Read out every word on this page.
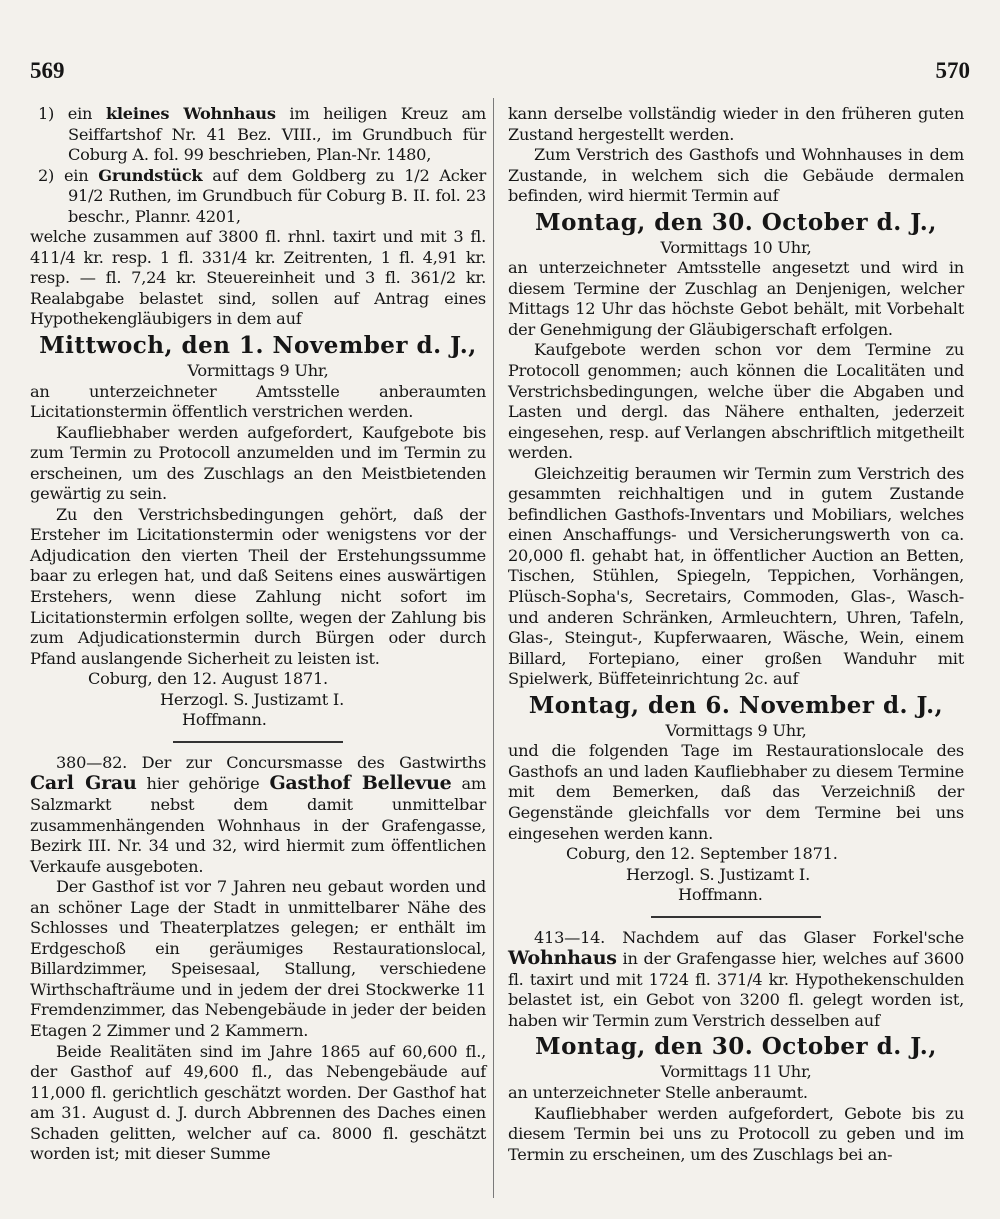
569	570

1) ein kleines Wohnhaus im heiligen Kreuz am Seiffartshof Nr. 41 Bez. VIII., im Grundbuch für Coburg A. fol. 99 beschrieben, Plan-Nr. 1480,

2) ein Grundstück auf dem Goldberg zu 1/2 Acker 91/2 Ruthen, im Grundbuch für Coburg B. II. fol. 23 beschr., Plannr. 4201,

welche zusammen auf 3800 fl. rhnl. taxirt und mit 3 fl. 411/4 kr. resp. 1 fl. 331/4 kr. Zeitrenten, 1 fl. 4,91 kr. resp. — fl. 7,24 kr. Steuereinheit und 3 fl. 361/2 kr. Realabgabe belastet sind, sollen auf Antrag eines Hypothekengläubigers in dem auf

Mittwoch, den 1. November d. J.,

Vormittags 9 Uhr,

an unterzeichneter Amtsstelle anberaumten Licitationstermin öffentlich verstrichen werden.

Kaufliebhaber werden aufgefordert, Kaufgebote bis zum Termin zu Protocoll anzumelden und im Termin zu erscheinen, um des Zuschlags an den Meistbietenden gewärtig zu sein.

Zu den Verstrichsbedingungen gehört, daß der Ersteher im Licitationstermin oder wenigstens vor der Adjudication den vierten Theil der Erstehungssumme baar zu erlegen hat, und daß Seitens eines auswärtigen Erstehers, wenn diese Zahlung nicht sofort im Licitationstermin erfolgen sollte, wegen der Zahlung bis zum Adjudicationstermin durch Bürgen oder durch Pfand auslangende Sicherheit zu leisten ist.

Coburg, den 12. August 1871.

Herzogl. S. Justizamt I.

Hoffmann.

380—82. Der zur Concursmasse des Gastwirths Carl Grau hier gehörige Gasthof Bellevue am Salzmarkt nebst dem damit unmittelbar zusammenhängenden Wohnhaus in der Grafengasse, Bezirk III. Nr. 34 und 32, wird hiermit zum öffentlichen Verkaufe ausgeboten.

Der Gasthof ist vor 7 Jahren neu gebaut worden und an schöner Lage der Stadt in unmittelbarer Nähe des Schlosses und Theaterplatzes gelegen; er enthält im Erdgeschoß ein geräumiges Restaurationslocal, Billardzimmer, Speisesaal, Stallung, verschiedene Wirthschafträume und in jedem der drei Stockwerke 11 Fremdenzimmer, das Nebengebäude in jeder der beiden Etagen 2 Zimmer und 2 Kammern.

Beide Realitäten sind im Jahre 1865 auf 60,600 fl., der Gasthof auf 49,600 fl., das Nebengebäude auf 11,000 fl. gerichtlich geschätzt worden. Der Gasthof hat am 31. August d. J. durch Abbrennen des Daches einen Schaden gelitten, welcher auf ca. 8000 fl. geschätzt worden ist; mit dieser Summe

kann derselbe vollständig wieder in den früheren guten Zustand hergestellt werden.

Zum Verstrich des Gasthofs und Wohnhauses in dem Zustande, in welchem sich die Gebäude dermalen befinden, wird hiermit Termin auf

Montag, den 30. October d. J.,

Vormittags 10 Uhr,

an unterzeichneter Amtsstelle angesetzt und wird in diesem Termine der Zuschlag an Denjenigen, welcher Mittags 12 Uhr das höchste Gebot behält, mit Vorbehalt der Genehmigung der Gläubigerschaft erfolgen.

Kaufgebote werden schon vor dem Termine zu Protocoll genommen; auch können die Localitäten und Verstrichsbedingungen, welche über die Abgaben und Lasten und dergl. das Nähere enthalten, jederzeit eingesehen, resp. auf Verlangen abschriftlich mitgetheilt werden.

Gleichzeitig beraumen wir Termin zum Verstrich des gesammten reichhaltigen und in gutem Zustande befindlichen Gasthofs-Inventars und Mobiliars, welches einen Anschaffungs- und Versicherungswerth von ca. 20,000 fl. gehabt hat, in öffentlicher Auction an Betten, Tischen, Stühlen, Spiegeln, Teppichen, Vorhängen, Plüsch-Sopha's, Secretairs, Commoden, Glas-, Wasch- und anderen Schränken, Armleuchtern, Uhren, Tafeln, Glas-, Steingut-, Kupferwaaren, Wäsche, Wein, einem Billard, Fortepiano, einer großen Wanduhr mit Spielwerk, Büffeteinrichtung 2c. auf

Montag, den 6. November d. J.,

Vormittags 9 Uhr,

und die folgenden Tage im Restaurationslocale des Gasthofs an und laden Kaufliebhaber zu diesem Termine mit dem Bemerken, daß das Verzeichniß der Gegenstände gleichfalls vor dem Termine bei uns eingesehen werden kann.

Coburg, den 12. September 1871.

Herzogl. S. Justizamt I.

Hoffmann.

413—14. Nachdem auf das Glaser Forkel'sche Wohnhaus in der Grafengasse hier, welches auf 3600 fl. taxirt und mit 1724 fl. 371/4 kr. Hypothekenschulden belastet ist, ein Gebot von 3200 fl. gelegt worden ist, haben wir Termin zum Verstrich desselben auf

Montag, den 30. October d. J.,

Vormittags 11 Uhr,

an unterzeichneter Stelle anberaumt.

Kaufliebhaber werden aufgefordert, Gebote bis zu diesem Termin bei uns zu Protocoll zu geben und im Termin zu erscheinen, um des Zuschlags bei an-
